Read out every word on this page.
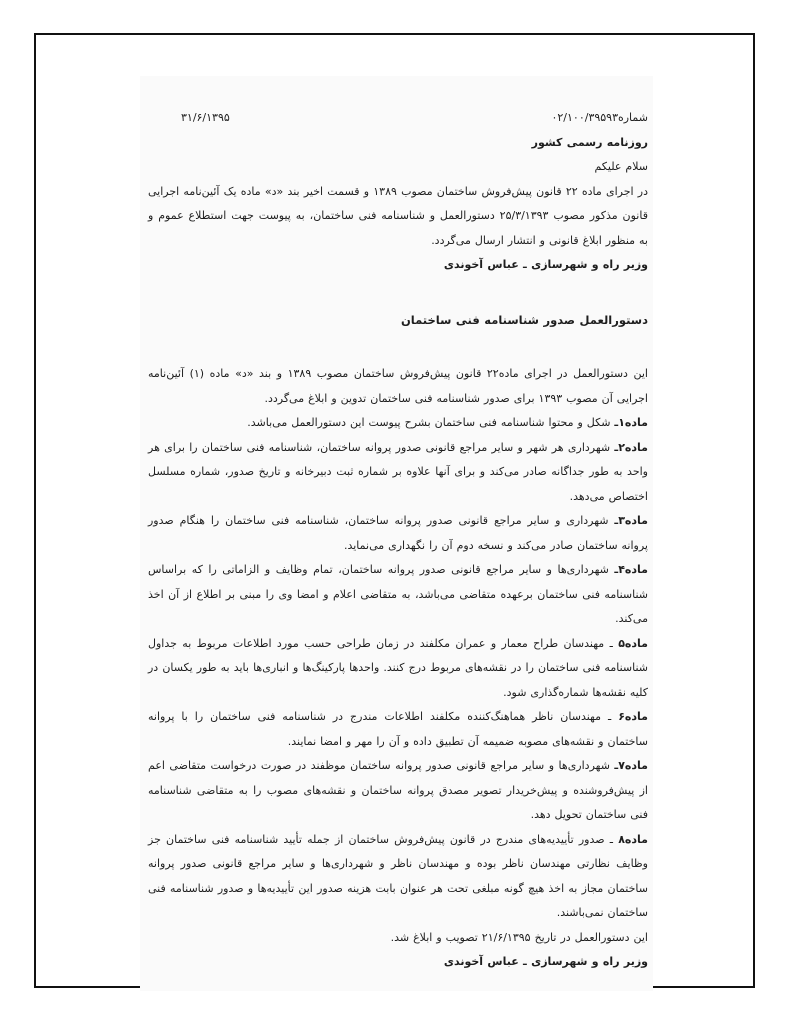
شماره۰۲/۱۰۰/۳۹۵۹۳
۳۱/۶/۱۳۹۵

روزنامه رسمی کشور

سلام علیکم

در اجرای ماده ۲۲ قانون پیش‌فروش ساختمان مصوب ۱۳۸۹ و قسمت اخیر بند «د» ماده یک آئین‌نامه اجرایی قانون مذکور مصوب ۲۵/۳/۱۳۹۳ دستورالعمل و شناسنامه فنی ساختمان، به پیوست جهت استطلاع عموم و به منظور ابلاغ قانونی و انتشار ارسال می‌گردد.

وزیر راه و شهرسازی ـ عباس آخوندی

دستورالعمل صدور شناسنامه فنی ساختمان

این دستورالعمل در اجرای ماده۲۲ قانون پیش‌فروش ساختمان مصوب ۱۳۸۹ و بند «د» ماده (۱) آئین‌نامه اجرایی آن مصوب ۱۳۹۳ برای صدور شناسنامه فنی ساختمان تدوین و ابلاغ می‌گردد.

ماده۱ـ شکل و محتوا شناسنامه فنی ساختمان بشرح پیوست این دستورالعمل می‌باشد.

ماده۲ـ شهرداری هر شهر و سایر مراجع قانونی صدور پروانه ساختمان، شناسنامه فنی ساختمان را برای هر واحد به طور جداگانه صادر می‌کند و برای آنها علاوه بر شماره ثبت دبیرخانه و تاریخ صدور، شماره مسلسل اختصاص می‌دهد.

ماده۳ـ شهرداری و سایر مراجع قانونی صدور پروانه ساختمان، شناسنامه فنی ساختمان را هنگام صدور پروانه ساختمان صادر می‌کند و نسخه دوم آن را نگهداری می‌نماید.

ماده۴ـ شهرداری‌ها و سایر مراجع قانونی صدور پروانه ساختمان، تمام وظایف و الزاماتی را که براساس شناسنامه فنی ساختمان برعهده متقاضی می‌باشد، به متقاضی اعلام و امضا وی را مبنی بر اطلاع از آن اخذ می‌کند.

ماده۵ ـ مهندسان طراح معمار و عمران مکلفند در زمان طراحی حسب مورد اطلاعات مربوط به جداول شناسنامه فنی ساختمان را در نقشه‌های مربوط درج کنند. واحدها پارکینگ‌ها و انباری‌ها باید به طور یکسان در کلیه نقشه‌ها شماره‌گذاری شود.

ماده۶ ـ مهندسان ناظر هماهنگ‌کننده مکلفند اطلاعات مندرج در شناسنامه فنی ساختمان را با پروانه ساختمان و نقشه‌های مصوبه ضمیمه آن تطبیق داده و آن را مهر و امضا نمایند.

ماده۷ـ شهرداری‌ها و سایر مراجع قانونی صدور پروانه ساختمان موظفند در صورت درخواست متقاضی اعم از پیش‌فروشنده و پیش‌خریدار تصویر مصدق پروانه ساختمان و نقشه‌های مصوب را به متقاضی شناسنامه فنی ساختمان تحویل دهد.

ماده۸ ـ صدور تأییدیه‌های مندرج در قانون پیش‌فروش ساختمان از جمله تأیید شناسنامه فنی ساختمان جز وظایف نظارتی مهندسان ناظر بوده و مهندسان ناظر و شهرداری‌ها و سایر مراجع قانونی صدور پروانه ساختمان مجاز به اخذ هیچ گونه مبلغی تحت هر عنوان بابت هزینه صدور این تأییدیه‌ها و صدور شناسنامه فنی ساختمان نمی‌باشند.

این دستورالعمل در تاریخ ۲۱/۶/۱۳۹۵ تصویب و ابلاغ شد.

وزیر راه و شهرسازی ـ عباس آخوندی
